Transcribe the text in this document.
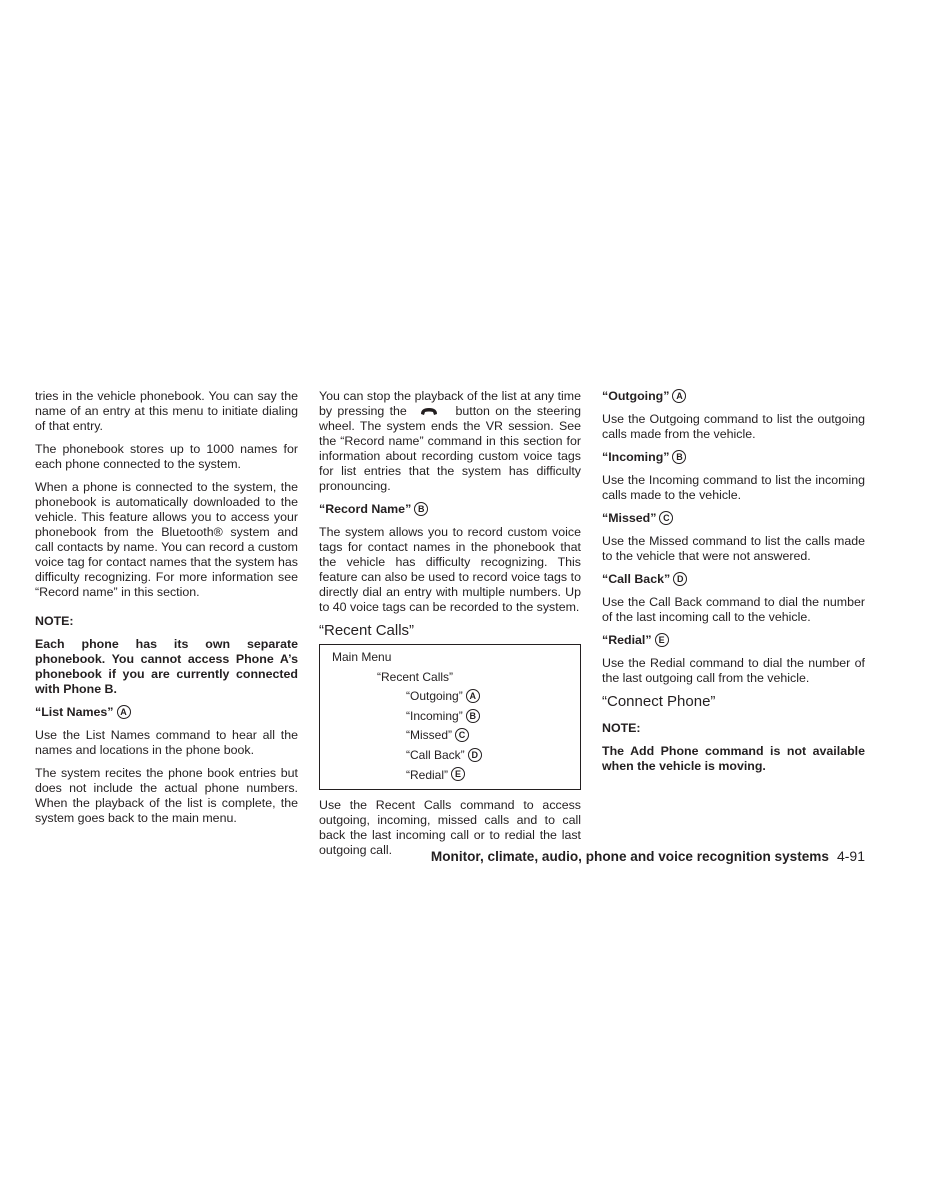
tries in the vehicle phonebook. You can say the name of an entry at this menu to initiate dialing of that entry.

The phonebook stores up to 1000 names for each phone connected to the system.

When a phone is connected to the system, the phonebook is automatically downloaded to the vehicle. This feature allows you to access your phonebook from the Bluetooth® system and call contacts by name. You can record a custom voice tag for contact names that the system has difficulty recognizing. For more information see “Record name” in this section.

NOTE:

Each phone has its own separate phonebook. You cannot access Phone A’s phonebook if you are currently connected with Phone B.

“List Names” A

Use the List Names command to hear all the names and locations in the phone book.

The system recites the phone book entries but does not include the actual phone numbers. When the playback of the list is complete, the system goes back to the main menu.

You can stop the playback of the list at any time by pressing the	button on the steering wheel. The system ends the VR session. See the “Record name” command in this section for information about recording custom voice tags for list entries that the system has difficulty pronouncing.

“Record Name” B

The system allows you to record custom voice tags for contact names in the phonebook that the vehicle has difficulty recognizing. This feature can also be used to record voice tags to directly dial an entry with multiple numbers. Up to 40 voice tags can be recorded to the system.

“Recent Calls”
Main Menu
“Recent Calls”
“Outgoing” A
“Incoming” B
“Missed” C
“Call Back” D
“Redial” E

Use the Recent Calls command to access outgoing, incoming, missed calls and to call back the last incoming call or to redial the last outgoing call.

“Outgoing” A

Use the Outgoing command to list the outgoing calls made from the vehicle.

“Incoming” B

Use the Incoming command to list the incoming calls made to the vehicle.

“Missed” C

Use the Missed command to list the calls made to the vehicle that were not answered.

“Call Back” D

Use the Call Back command to dial the number of the last incoming call to the vehicle.

“Redial” E

Use the Redial command to dial the number of the last outgoing call from the vehicle.

“Connect Phone”

NOTE:

The Add Phone command is not available when the vehicle is moving.

Monitor, climate, audio, phone and voice recognition systems 4-91
